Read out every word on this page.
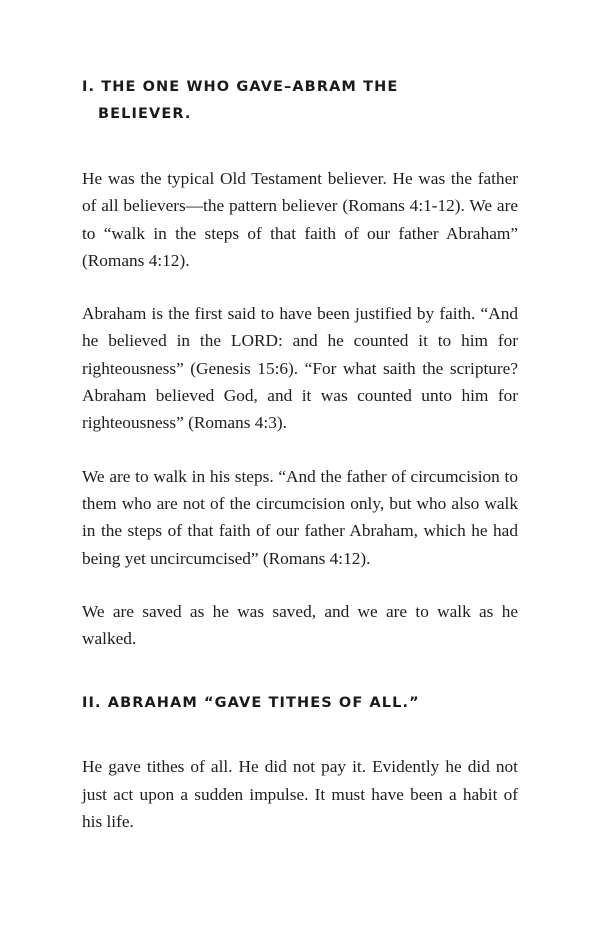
I. THE ONE WHO GAVE–ABRAM THE
BELIEVER.

He was the typical Old Testament believer. He was the father of all believers—the pattern believer (Romans 4:1-12). We are to “walk in the steps of that faith of our father Abraham” (Romans 4:12).

Abraham is the first said to have been justified by faith. “And he believed in the LORD: and he counted it to him for righteousness” (Genesis 15:6). “For what saith the scripture? Abraham believed God, and it was counted unto him for righteousness” (Romans 4:3).

We are to walk in his steps. “And the father of circumcision to them who are not of the circumcision only, but who also walk in the steps of that faith of our father Abraham, which he had being yet uncircumcised” (Romans 4:12).

We are saved as he was saved, and we are to walk as he walked.

II. ABRAHAM “GAVE TITHES OF ALL.”

He gave tithes of all. He did not pay it. Evidently he did not just act upon a sudden impulse. It must have been a habit of his life.
